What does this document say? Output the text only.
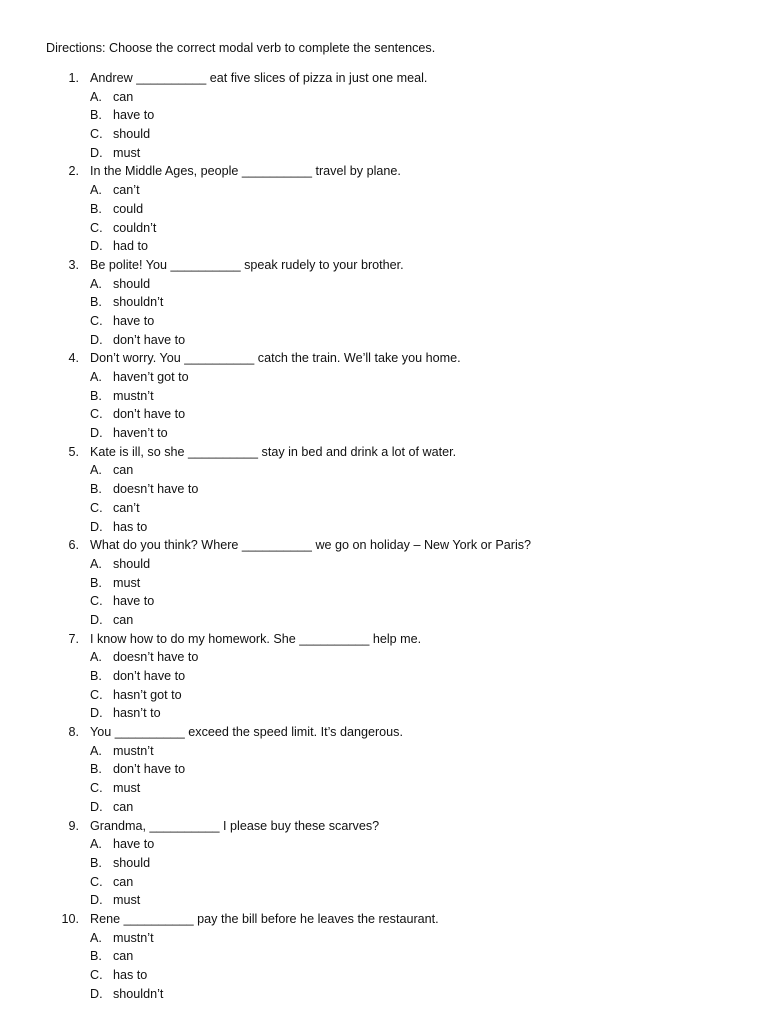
Directions: Choose the correct modal verb to complete the sentences.
1. Andrew __________ eat five slices of pizza in just one meal.
A. can
B. have to
C. should
D. must
2. In the Middle Ages, people __________ travel by plane.
A. can’t
B. could
C. couldn’t
D. had to
3. Be polite! You __________ speak rudely to your brother.
A. should
B. shouldn’t
C. have to
D. don’t have to
4. Don’t worry. You __________ catch the train. We’ll take you home.
A. haven’t got to
B. mustn’t
C. don’t have to
D. haven’t to
5. Kate is ill, so she __________ stay in bed and drink a lot of water.
A. can
B. doesn’t have to
C. can’t
D. has to
6. What do you think? Where __________ we go on holiday – New York or Paris?
A. should
B. must
C. have to
D. can
7. I know how to do my homework. She __________ help me.
A. doesn’t have to
B. don’t have to
C. hasn’t got to
D. hasn’t to
8. You __________ exceed the speed limit. It’s dangerous.
A. mustn’t
B. don’t have to
C. must
D. can
9. Grandma, __________ I please buy these scarves?
A. have to
B. should
C. can
D. must
10. Rene __________ pay the bill before he leaves the restaurant.
A. mustn’t
B. can
C. has to
D. shouldn’t
